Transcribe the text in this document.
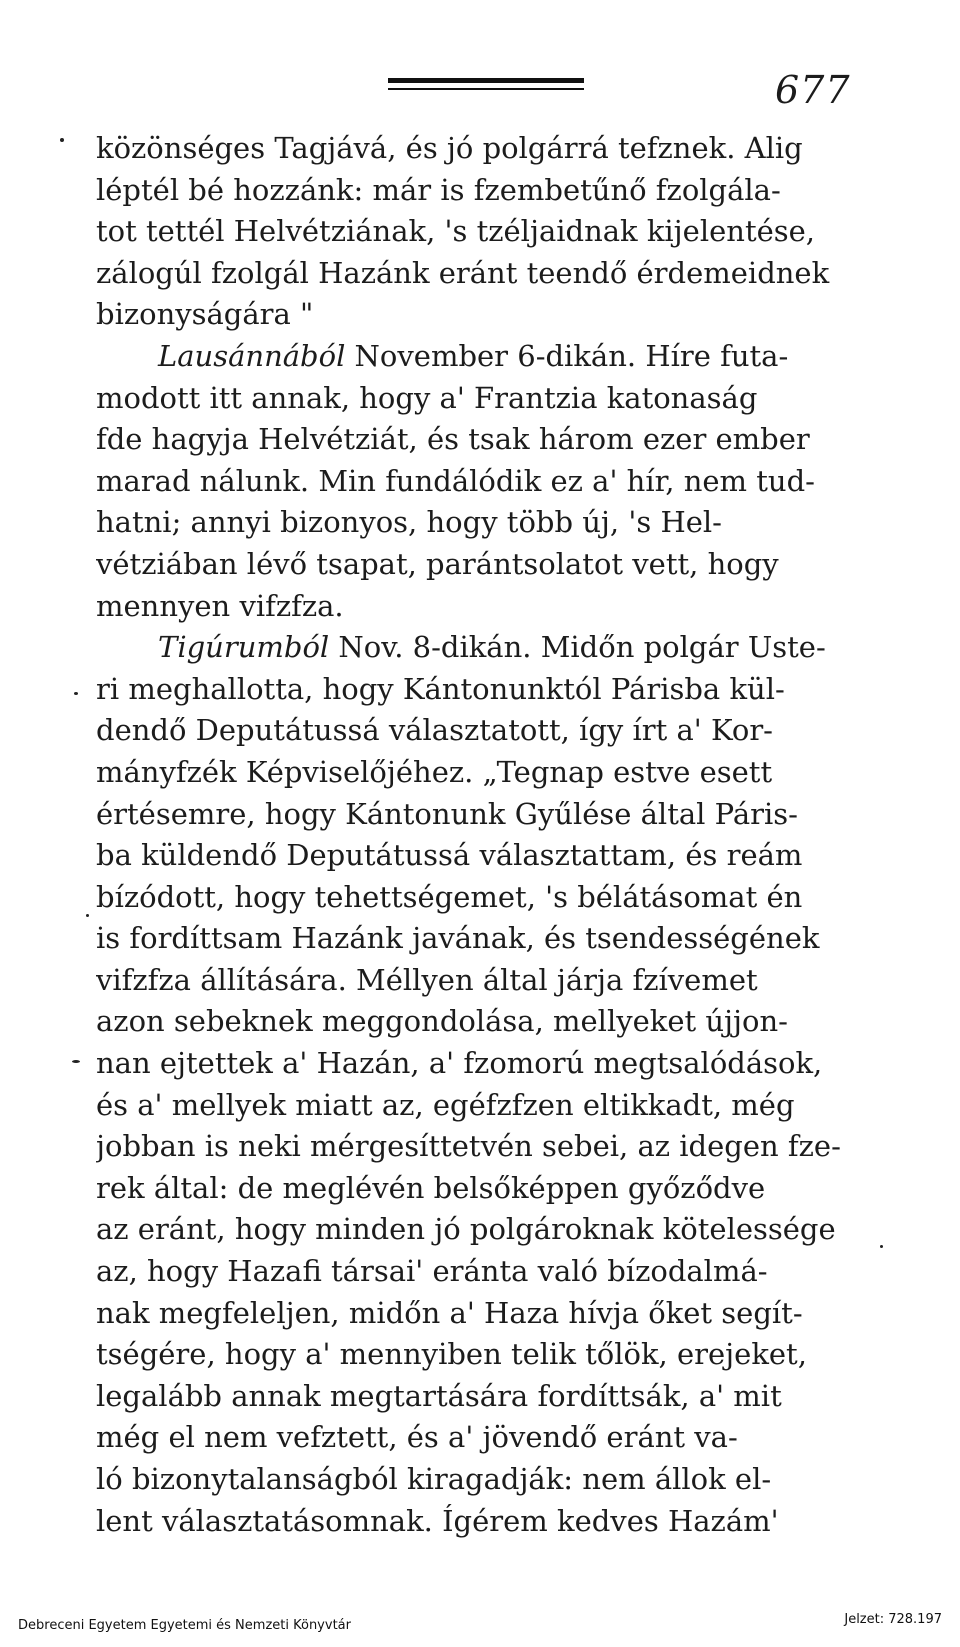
677
közönséges Tagjává, és jó polgárrá tefznek. Alig
léptél bé hozzánk: már is fzembetűnő fzolgála-
tot tettél Helvétziának, 's tzéljaidnak kijelentése,
zálogúl fzolgál Hazánk eránt teendő érdemeidnek
bizonyságára "
Lausánnából November 6-dikán. Híre futa-
modott itt annak, hogy a' Frantzia katonaság
fde hagyja Helvétziát, és tsak három ezer ember
marad nálunk. Min fundálódik ez a' hír, nem tud-
hatni; annyi bizonyos, hogy több új, 's Hel-
vétziában lévő tsapat, parántsolatot vett, hogy
mennyen vifzfza.
Tigúrumból Nov. 8-dikán. Midőn polgár Uste-
ri meghallotta, hogy Kántonunktól Párisba kül-
dendő Deputátussá választatott, így írt a' Kor-
mányfzék Képviselőjéhez. „Tegnap estve esett
értésemre, hogy Kántonunk Gyűlése által Páris-
ba küldendő Deputátussá választattam, és reám
bízódott, hogy tehettségemet, 's bélátásomat én
is fordíttsam Hazánk javának, és tsendességének
vifzfza állítására. Méllyen által járja fzívemet
azon sebeknek meggondolása, mellyeket újjon-
nan ejtettek a' Hazán, a' fzomorú megtsalódások,
és a' mellyek miatt az, egéfzfzen eltikkadt, még
jobban is neki mérgesíttetvén sebei, az idegen fze-
rek által: de meglévén belsőképpen győződve
az eránt, hogy minden jó polgároknak kötelessége
az, hogy Hazafi társai' eránta való bízodalmá-
nak megfeleljen, midőn a' Haza hívja őket segít-
tségére, hogy a' mennyiben telik tőlök, erejeket,
legalább annak megtartására fordíttsák, a' mit
még el nem vefztett, és a' jövendő eránt va-
ló bizonytalanságból kiragadják: nem állok el-
lent választatásomnak. Ígérem kedves Hazám'
Debreceni Egyetem Egyetemi és Nemzeti Könyvtár	Jelzet: 728.197
